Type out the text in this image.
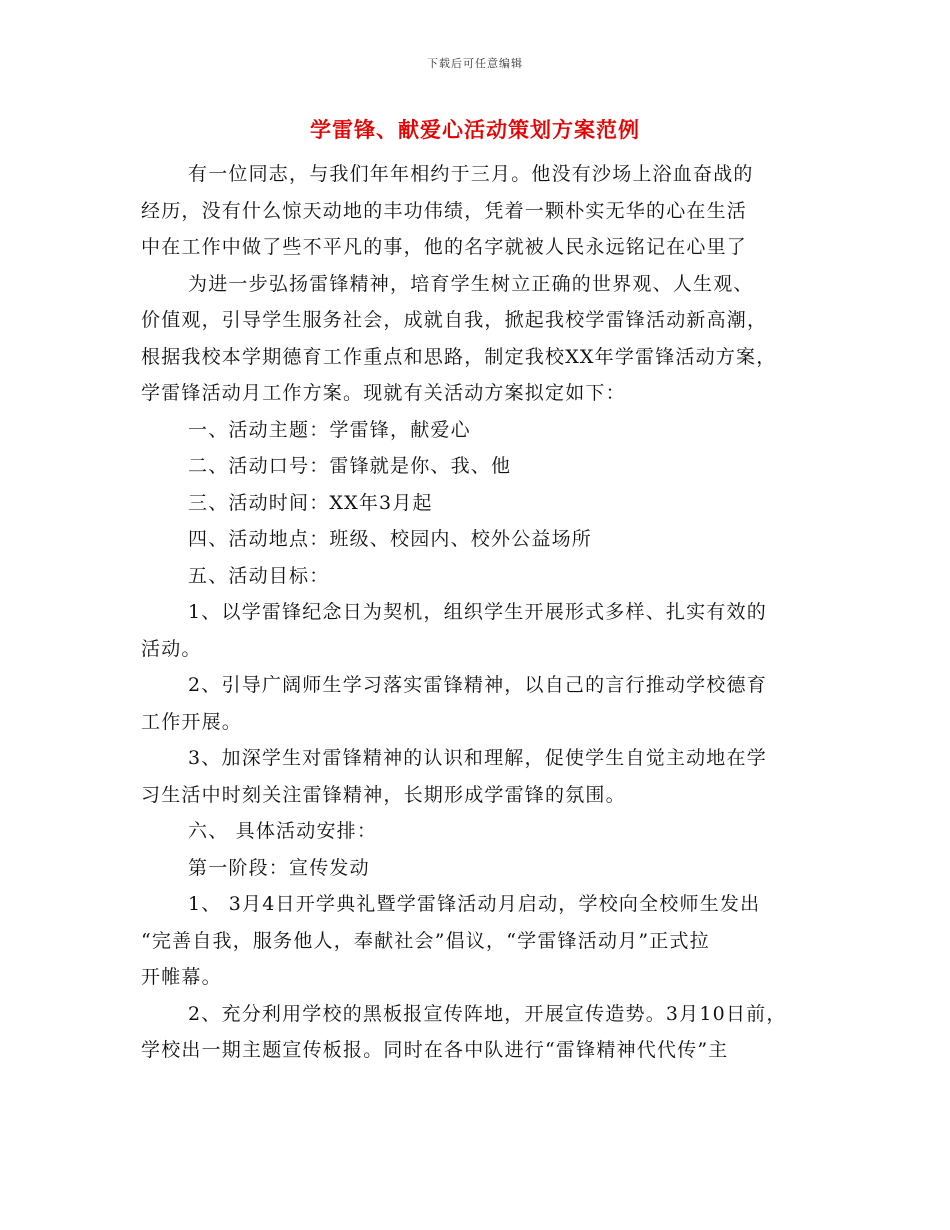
下载后可任意编辑
学雷锋、献爱心活动策划方案范例
有一位同志，与我们年年相约于三月。他没有沙场上浴血奋战的
经历，没有什么惊天动地的丰功伟绩，凭着一颗朴实无华的心在生活
中在工作中做了些不平凡的事，他的名字就被人民永远铭记在心里了
为进一步弘扬雷锋精神，培育学生树立正确的世界观、人生观、
价值观，引导学生服务社会，成就自我，掀起我校学雷锋活动新高潮，
根据我校本学期德育工作重点和思路，制定我校XX年学雷锋活动方案，
学雷锋活动月工作方案。现就有关活动方案拟定如下：
一、活动主题：学雷锋，献爱心
二、活动口号：雷锋就是你、我、他
三、活动时间：XX年3月起
四、活动地点：班级、校园内、校外公益场所
五、活动目标：
1、以学雷锋纪念日为契机，组织学生开展形式多样、扎实有效的
活动。
2、引导广阔师生学习落实雷锋精神，以自己的言行推动学校德育
工作开展。
3、加深学生对雷锋精神的认识和理解，促使学生自觉主动地在学
习生活中时刻关注雷锋精神，长期形成学雷锋的氛围。
六、 具体活动安排：
第一阶段：宣传发动
1、 3月4日开学典礼暨学雷锋活动月启动，学校向全校师生发出
“完善自我，服务他人，奉献社会”倡议，“学雷锋活动月”正式拉
开帷幕。
2、充分利用学校的黑板报宣传阵地，开展宣传造势。3月10日前，
学校出一期主题宣传板报。同时在各中队进行“雷锋精神代代传”主
